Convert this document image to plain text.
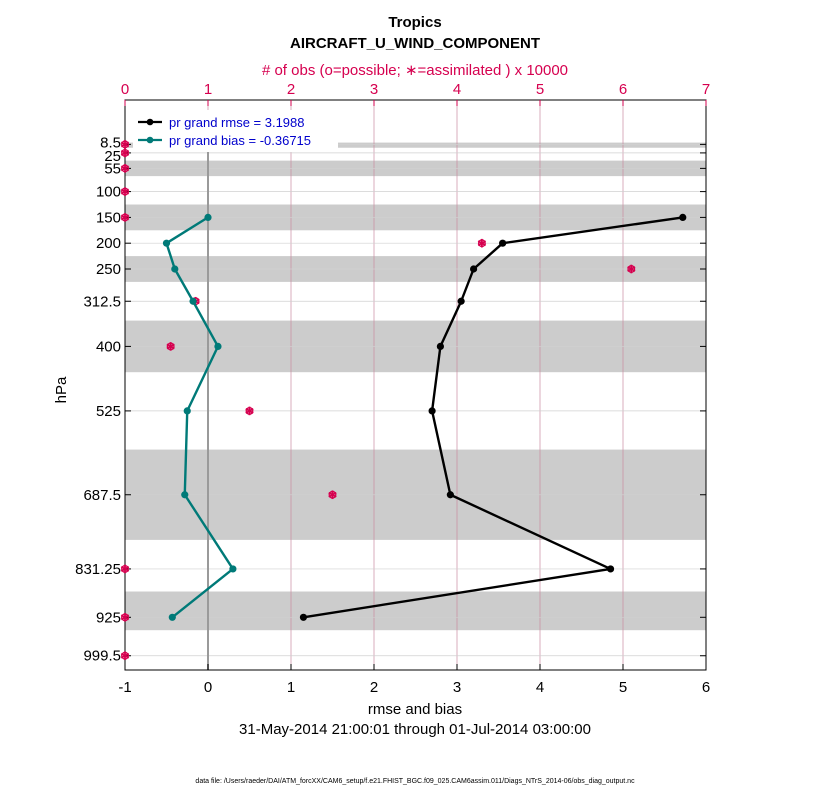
Tropics
AIRCRAFT_U_WIND_COMPONENT
-1	0	1	2	3	4	5	6
0	1	2	3	4	5	6	7
8.5
25
55
100
150
200
250
312.5
400
525
687.5
831.25
925
999.5
pr grand rmse = 3.1988
pr grand bias = -0.36715
# of obs (o=possible; ∗=assimilated ) x 10000
rmse and bias
31-May-2014 21:00:01 through 01-Jul-2014 03:00:00
hPa
data file: /Users/raeder/DAI/ATM_forcXX/CAM6_setup/f.e21.FHIST_BGC.f09_025.CAM6assim.011/Diags_NTrS_2014-06/obs_diag_output.nc
